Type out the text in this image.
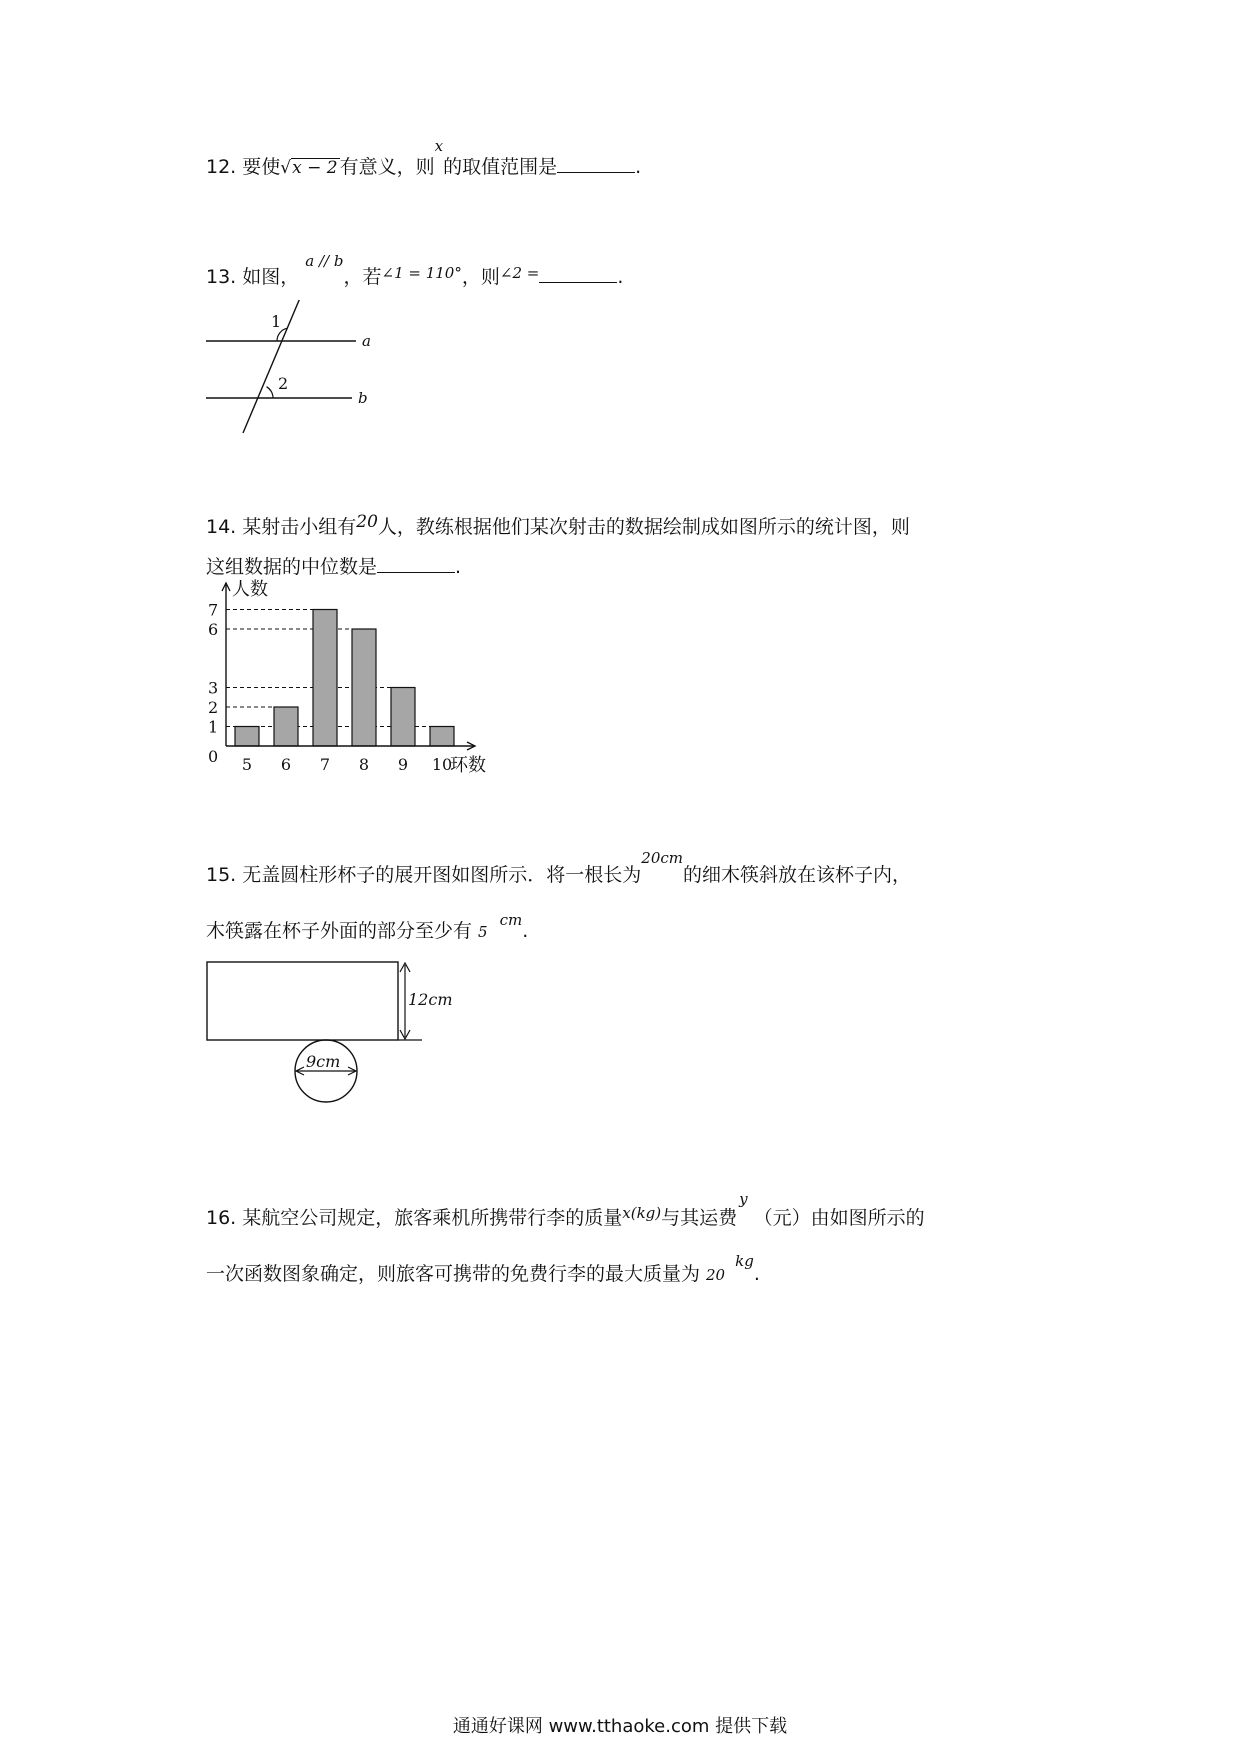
12. 要使√x − 2 有意义，则$^x$的取值范围是	.
13. 如图，$^{a // b}$，若$^{\angle 1 = 110^\circ}$，则$^{\angle 2 =}$	.
1
2
a
b
14. 某射击小组有20人，教练根据他们某次射击的数据绘制成如图所示的统计图，则
这组数据的中位数是	.
1
2
3
6
7
0 5 6 7 8 9 10
人数
环数
15. 无盖圆柱形杯子的展开图如图所示．将一根长为$^{20cm}$的细木筷斜放在该杯子内，
木筷露在杯子外面的部分至少有 $5^{cm}$.
12cm
9cm
16. 某航空公司规定，旅客乘机所携带行李的质量$^{x(kg)}$与其运费$^y$（元）由如图所示的
一次函数图象确定，则旅客可携带的免费行李的最大质量为 $20^{kg}$.
通通好课网 www.tthaoke.com 提供下载
